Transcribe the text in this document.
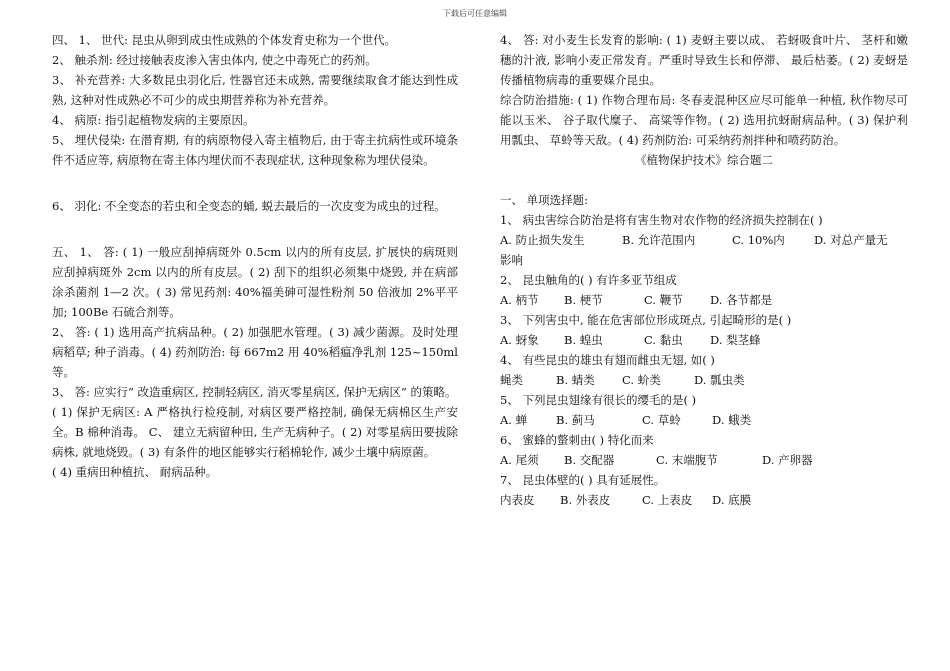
下载后可任意编辑

四、 1、 世代: 昆虫从卵到成虫性成熟的个体发育史称为一个世代。

2、 触杀剂: 经过接触表皮渗入害虫体内, 使之中毒死亡的药剂。

3、 补充营养: 大多数昆虫羽化后, 性器官还未成熟, 需要继续取食才能达到性成熟, 这种对性成熟必不可少的成虫期营养称为补充营养。

4、 病原: 指引起植物发病的主要原因。

5、 埋伏侵染: 在潜育期, 有的病原物侵入寄主植物后, 由于寄主抗病性或环境条件不适应等, 病原物在寄主体内埋伏而不表现症状, 这种现象称为埋伏侵染。

6、 羽化: 不全变态的若虫和全变态的蛹, 蜕去最后的一次皮变为成虫的过程。

五、 1、 答: ( 1) 一般应刮掉病斑外 0.5cm 以内的所有皮层, 扩展快的病斑则应刮掉病斑外 2cm 以内的所有皮层。( 2) 刮下的组织必须集中烧毁, 并在病部涂杀菌剂 1—2 次。( 3) 常见药剂: 40%福美砷可湿性粉剂 50 倍液加 2%平平加; 100Be 石硫合剂等。

2、 答: ( 1) 选用高产抗病品种。( 2) 加强肥水管理。( 3) 减少菌源。及时处理病稻草; 种子消毒。( 4) 药剂防治: 每 667m2 用 40%稻瘟净乳剂 125~150ml 等。

3、 答: 应实行” 改造重病区, 控制轻病区, 消灭零星病区, 保护无病区” 的策略。

( 1) 保护无病区: A 严格执行检疫制, 对病区要严格控制, 确保无病棉区生产安全。B 棉种消毒。 C、 建立无病留种田, 生产无病种子。( 2) 对零星病田要拔除病株, 就地烧毁。( 3) 有条件的地区能够实行稻棉轮作, 减少土壤中病原菌。

( 4) 重病田种植抗、 耐病品种。

4、 答: 对小麦生长发育的影响: ( 1) 麦蚜主要以成、 若蚜吸食叶片、 茎杆和嫩穗的汁液, 影响小麦正常发育。严重时导致生长和停滞、 最后枯萎。( 2) 麦蚜是传播植物病毒的重要媒介昆虫。

综合防治措施: ( 1) 作物合理布局: 冬春麦混种区应尽可能单一种植, 秋作物尽可能以玉米、 谷子取代糜子、 高粱等作物。( 2) 选用抗蚜耐病品种。( 3) 保护利用瓢虫、 草蛉等天敌。( 4) 药剂防治: 可采纳药剂拌种和喷药防治。

《植物保护技术》综合题二

一、 单项选择题:

1、 病虫害综合防治是将有害生物对农作物的经济损失控制在( )

A. 防止损失发生	B. 允许范围内	C. 10%内	D. 对总产量无

影响

2、 昆虫触角的( ) 有许多亚节组成

A. 柄节	B. 梗节	C. 鞭节	D. 各节都是

3、 下列害虫中, 能在危害部位形成斑点, 引起畸形的是( )

A. 蚜象	B. 蝗虫	C. 黏虫	D. 梨茎蜂

4、 有些昆虫的雄虫有翅而雌虫无翅, 如( )

蝇类	B. 蜻类	C. 蚧类	D. 瓢虫类

5、 下列昆虫翅缘有很长的缨毛的是( )

A. 蝉	B. 蓟马	C. 草蛉	D. 蛾类

6、 蜜蜂的螫刺由( ) 特化而来

A. 尾须	B. 交配器	C. 末端腹节	D. 产卵器

7、 昆虫体壁的( ) 具有延展性。

内表皮	B. 外表皮	C. 上表皮	D. 底膜
